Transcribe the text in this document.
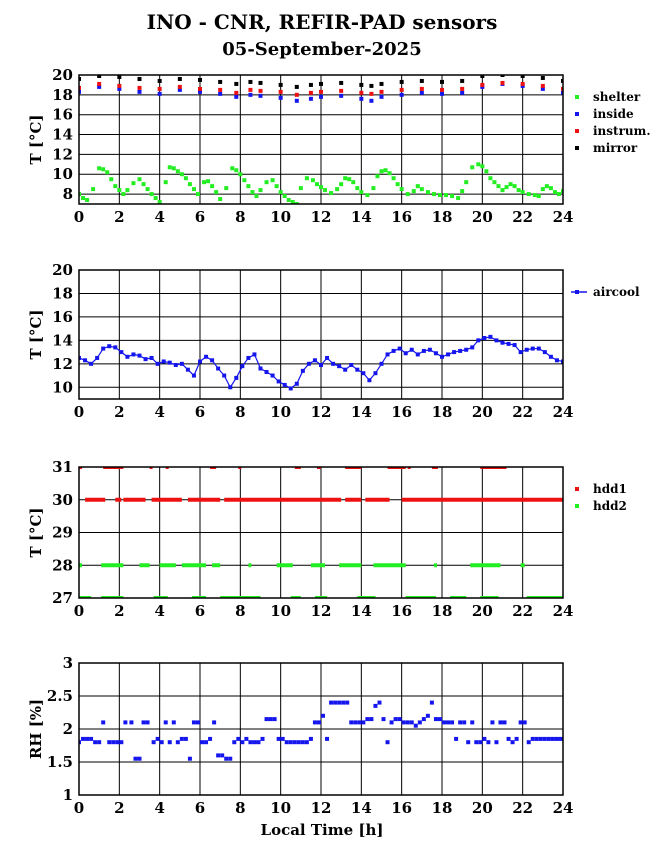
INO - CNR, REFIR-PAD sensors
05-September-2025
Local Time [h]
0 2 4 6 8 10 12 14 16 18 20 22 24
8
10
12
14
16
18
20
T [°C]
shelter
inside
instrum.
mirror
0 2 4 6 8 10 12 14 16 18 20 22 24
10
12
14
16
18
20
T [°C]
aircool
0 2 4 6 8 10 12 14 16 18 20 22 24
27
28
29
30
31
T [°C]
hdd1
hdd2
0 2 4 6 8 10 12 14 16 18 20 22 24
1
1.5
2
2.5
3
RH [%]
